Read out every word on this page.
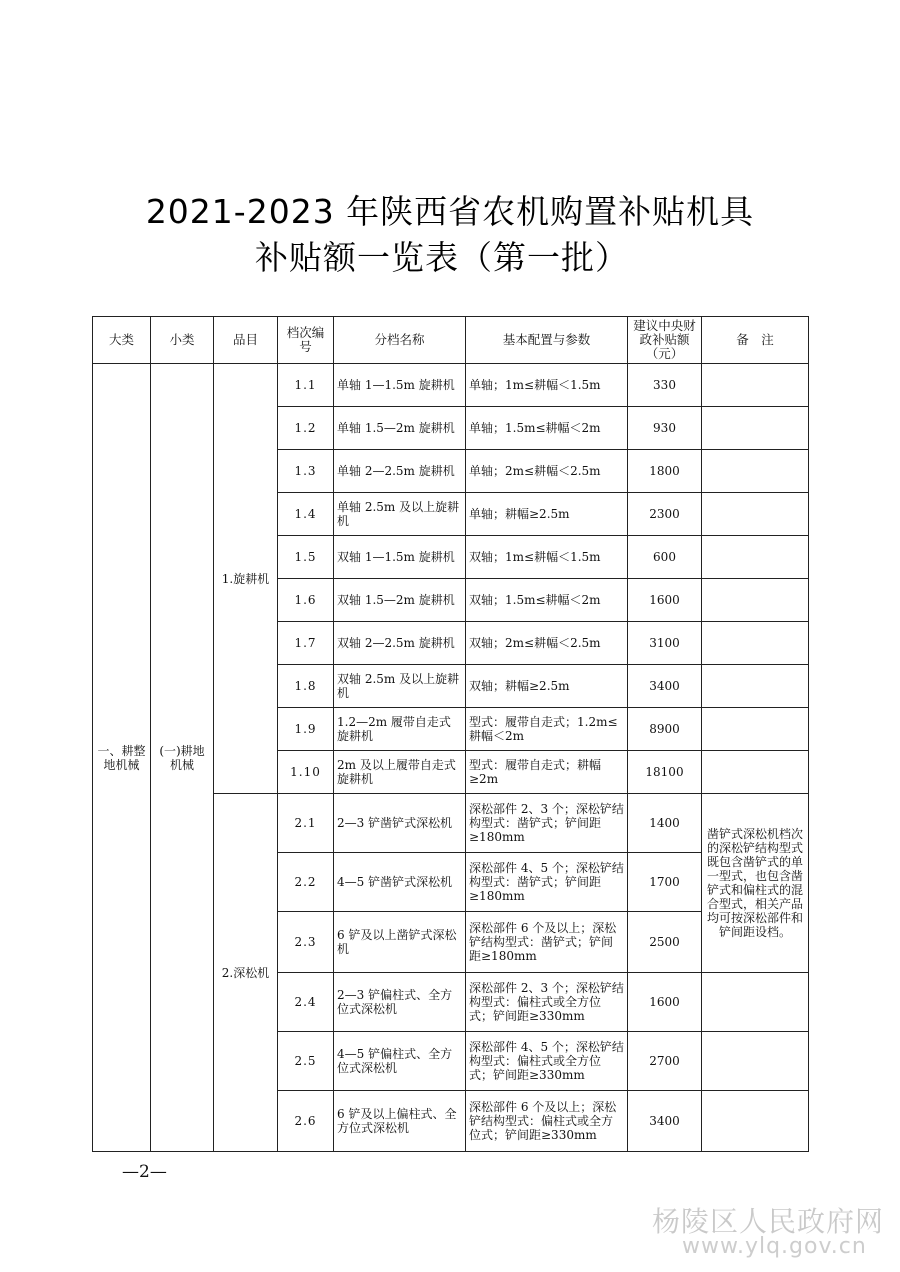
2021-2023 年陕西省农机购置补贴机具
补贴额一览表（第一批）
大类	小类	品目	档次编号	分档名称	基本配置与参数	建议中央财政补贴额（元）	备　注
一、耕整地机械	(一)耕地机械	1.旋耕机	1.1	单轴 1—1.5m 旋耕机	单轴；1m≤耕幅＜1.5m	330	
			1.2	单轴 1.5—2m 旋耕机	单轴；1.5m≤耕幅＜2m	930	
			1.3	单轴 2—2.5m 旋耕机	单轴；2m≤耕幅＜2.5m	1800	
			1.4	单轴 2.5m 及以上旋耕机	单轴；耕幅≥2.5m	2300	
			1.5	双轴 1—1.5m 旋耕机	双轴；1m≤耕幅＜1.5m	600	
			1.6	双轴 1.5—2m 旋耕机	双轴；1.5m≤耕幅＜2m	1600	
			1.7	双轴 2—2.5m 旋耕机	双轴；2m≤耕幅＜2.5m	3100	
			1.8	双轴 2.5m 及以上旋耕机	双轴；耕幅≥2.5m	3400	
			1.9	1.2—2m 履带自走式旋耕机	型式：履带自走式；1.2m≤耕幅＜2m	8900	
			1.10	2m 及以上履带自走式旋耕机	型式：履带自走式；耕幅≥2m	18100	
		2.深松机	2.1	2—3 铲凿铲式深松机	深松部件 2、3 个；深松铲结构型式：凿铲式；铲间距≥180mm	1400	凿铲式深松机档次的深松铲结构型式既包含凿铲式的单一型式，也包含凿铲式和偏柱式的混合型式，相关产品均可按深松部件和铲间距设档。
			2.2	4—5 铲凿铲式深松机	深松部件 4、5 个；深松铲结构型式：凿铲式；铲间距≥180mm	1700	
			2.3	6 铲及以上凿铲式深松机	深松部件 6 个及以上；深松铲结构型式：凿铲式；铲间距≥180mm	2500	
			2.4	2—3 铲偏柱式、全方位式深松机	深松部件 2、3 个；深松铲结构型式：偏柱式或全方位式；铲间距≥330mm	1600	
			2.5	4—5 铲偏柱式、全方位式深松机	深松部件 4、5 个；深松铲结构型式：偏柱式或全方位式；铲间距≥330mm	2700	
			2.6	6 铲及以上偏柱式、全方位式深松机	深松部件 6 个及以上；深松铲结构型式：偏柱式或全方位式；铲间距≥330mm	3400	
—2—
杨陵区人民政府网
www.ylq.gov.cn
